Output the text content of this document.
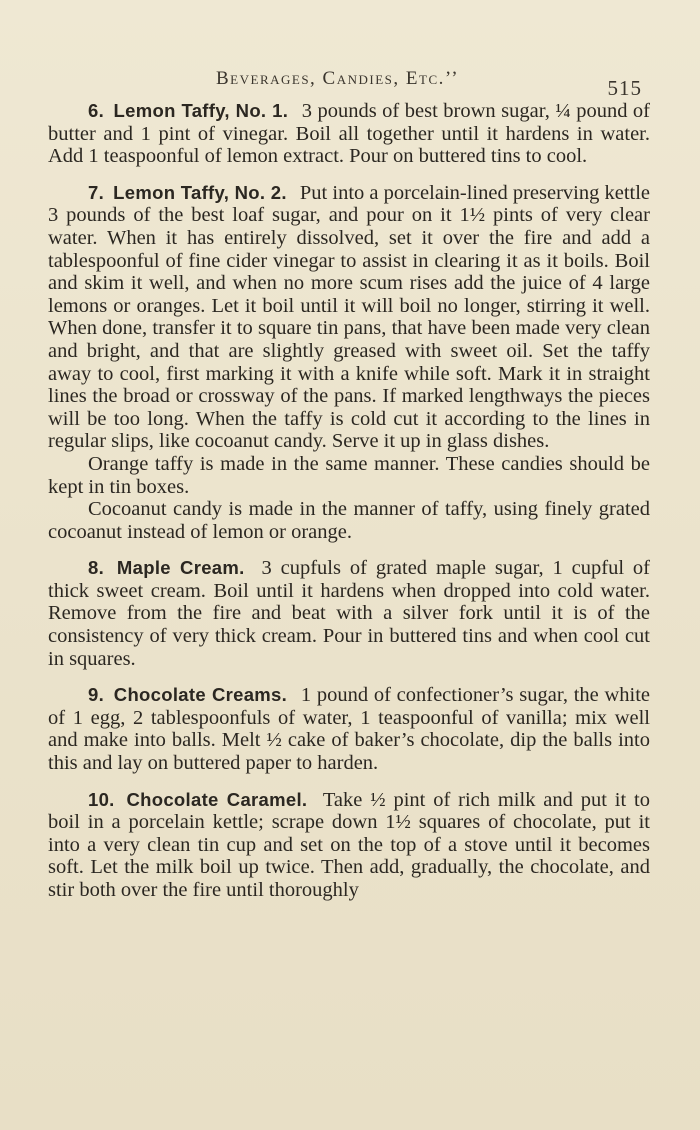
Beverages, Candies, Etc.’’	515

6. Lemon Taffy, No. 1. 3 pounds of best brown sugar, ¼ pound of butter and 1 pint of vinegar. Boil all together until it hardens in water. Add 1 teaspoonful of lemon extract. Pour on buttered tins to cool.

7. Lemon Taffy, No. 2. Put into a porcelain-lined preserving kettle 3 pounds of the best loaf sugar, and pour on it 1½ pints of very clear water. When it has entirely dissolved, set it over the fire and add a tablespoonful of fine cider vinegar to assist in clearing it as it boils. Boil and skim it well, and when no more scum rises add the juice of 4 large lemons or oranges. Let it boil until it will boil no longer, stirring it well. When done, transfer it to square tin pans, that have been made very clean and bright, and that are slightly greased with sweet oil. Set the taffy away to cool, first marking it with a knife while soft. Mark it in straight lines the broad or crossway of the pans. If marked lengthways the pieces will be too long. When the taffy is cold cut it according to the lines in regular slips, like cocoanut candy. Serve it up in glass dishes.

Orange taffy is made in the same manner. These candies should be kept in tin boxes.

Cocoanut candy is made in the manner of taffy, using finely grated cocoanut instead of lemon or orange.

8. Maple Cream. 3 cupfuls of grated maple sugar, 1 cupful of thick sweet cream. Boil until it hardens when dropped into cold water. Remove from the fire and beat with a silver fork until it is of the consistency of very thick cream. Pour in buttered tins and when cool cut in squares.

9. Chocolate Creams. 1 pound of confectioner’s sugar, the white of 1 egg, 2 tablespoonfuls of water, 1 teaspoonful of vanilla; mix well and make into balls. Melt ½ cake of baker’s chocolate, dip the balls into this and lay on buttered paper to harden.

10. Chocolate Caramel. Take ½ pint of rich milk and put it to boil in a porcelain kettle; scrape down 1½ squares of chocolate, put it into a very clean tin cup and set on the top of a stove until it becomes soft. Let the milk boil up twice. Then add, gradually, the chocolate, and stir both over the fire until thoroughly
